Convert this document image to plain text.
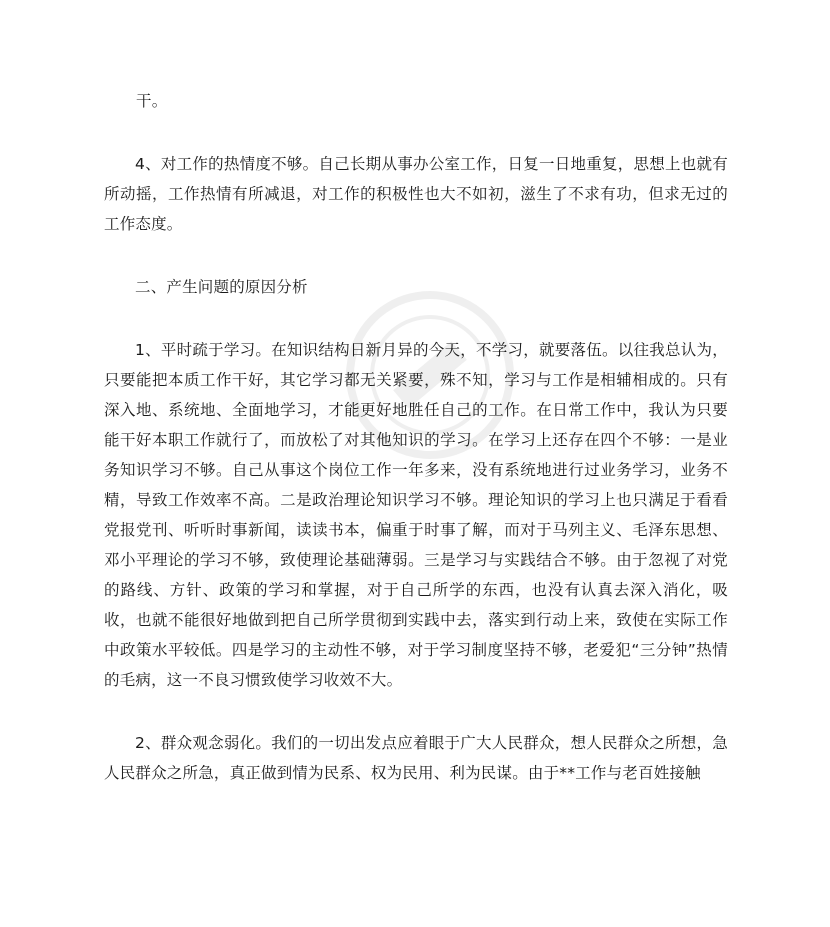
干。

4、对工作的热情度不够。自己长期从事办公室工作，日复一日地重复，思想上也就有所动摇，工作热情有所减退，对工作的积极性也大不如初，滋生了不求有功，但求无过的工作态度。

二、产生问题的原因分析

1、平时疏于学习。在知识结构日新月异的今天，不学习，就要落伍。以往我总认为，只要能把本质工作干好，其它学习都无关紧要，殊不知，学习与工作是相辅相成的。只有深入地、系统地、全面地学习，才能更好地胜任自己的工作。在日常工作中，我认为只要能干好本职工作就行了，而放松了对其他知识的学习。在学习上还存在四个不够：一是业务知识学习不够。自己从事这个岗位工作一年多来，没有系统地进行过业务学习，业务不精，导致工作效率不高。二是政治理论知识学习不够。理论知识的学习上也只满足于看看党报党刊、听听时事新闻，读读书本，偏重于时事了解，而对于马列主义、毛泽东思想、邓小平理论的学习不够，致使理论基础薄弱。三是学习与实践结合不够。由于忽视了对党的路线、方针、政策的学习和掌握，对于自己所学的东西，也没有认真去深入消化，吸收，也就不能很好地做到把自己所学贯彻到实践中去，落实到行动上来，致使在实际工作中政策水平较低。四是学习的主动性不够，对于学习制度坚持不够，老爱犯“三分钟”热情的毛病，这一不良习惯致使学习收效不大。

2、群众观念弱化。我们的一切出发点应着眼于广大人民群众，想人民群众之所想，急人民群众之所急，真正做到情为民系、权为民用、利为民谋。由于**工作与老百姓接触
